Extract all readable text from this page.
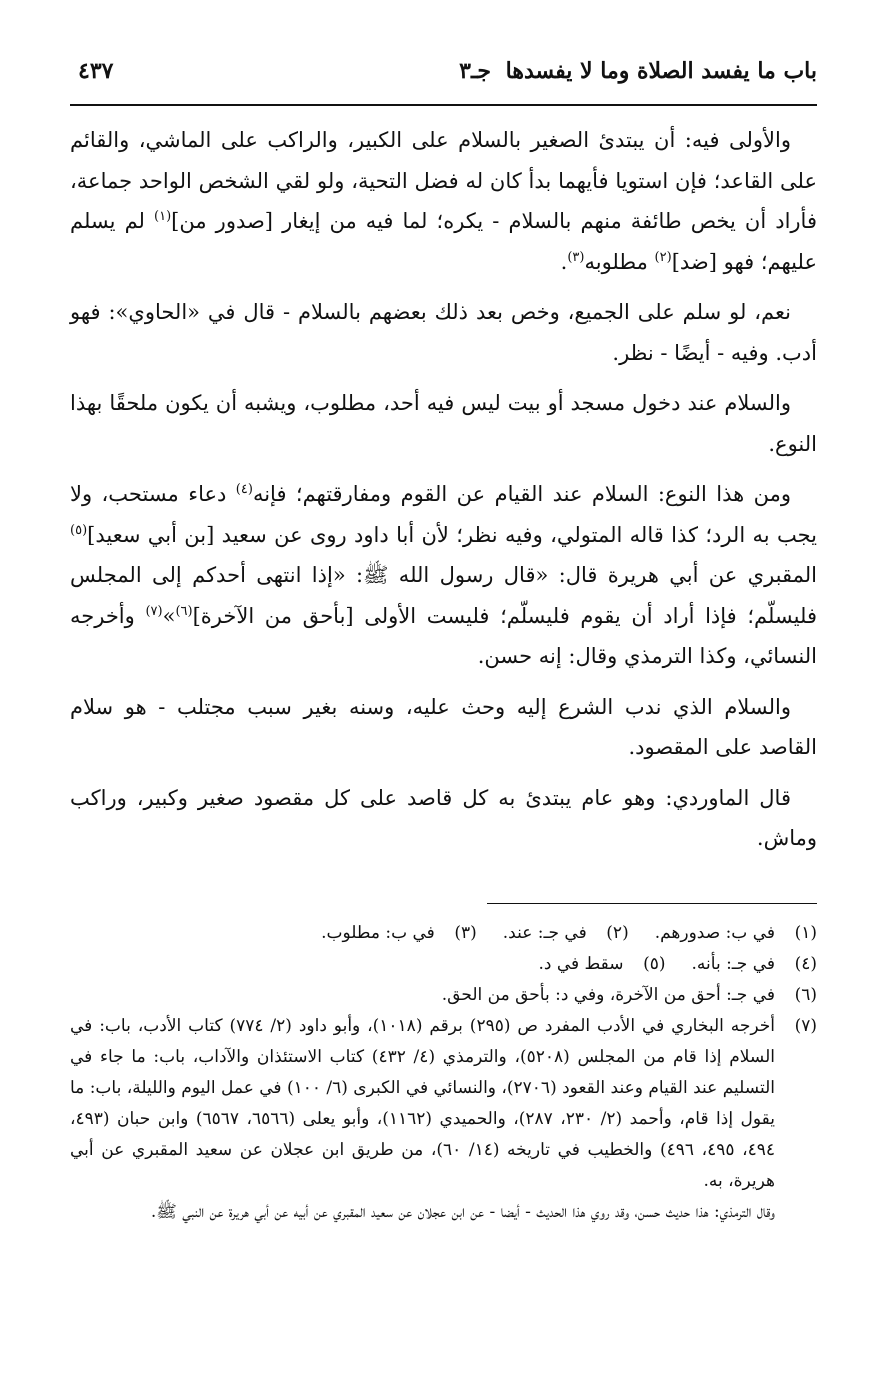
باب ما يفسد الصلاة وما لا يفسدها
جـ٣
٤٣٧

والأولى فيه: أن يبتدئ الصغير بالسلام على الكبير، والراكب على الماشي، والقائم على القاعد؛ فإن استويا فأيهما بدأ كان له فضل التحية، ولو لقي الشخص الواحد جماعة، فأراد أن يخص طائفة منهم بالسلام - يكره؛ لما فيه من إيغار [صدور من]$^{(١)}$ لم يسلم عليهم؛ فهو [ضد]$^{(٢)}$ مطلوبه$^{(٣)}$.

نعم، لو سلم على الجميع، وخص بعد ذلك بعضهم بالسلام - قال في «الحاوي»: فهو أدب. وفيه - أيضًا - نظر.

والسلام عند دخول مسجد أو بيت ليس فيه أحد، مطلوب، ويشبه أن يكون ملحقًا بهذا النوع.

ومن هذا النوع: السلام عند القيام عن القوم ومفارقتهم؛ فإنه$^{(٤)}$ دعاء مستحب، ولا يجب به الرد؛ كذا قاله المتولي، وفيه نظر؛ لأن أبا داود روى عن سعيد [بن أبي سعيد]$^{(٥)}$ المقبري عن أبي هريرة قال: «قال رسول الله ﷺ: «إذا انتهى أحدكم إلى المجلس فليسلّم؛ فإذا أراد أن يقوم فليسلّم؛ فليست الأولى [بأحق من الآخرة]$^{(٦)}$»$^{(٧)}$ وأخرجه النسائي، وكذا الترمذي وقال: إنه حسن.

والسلام الذي ندب الشرع إليه وحث عليه، وسنه بغير سبب مجتلب - هو سلام القاصد على المقصود.

قال الماوردي: وهو عام يبتدئ به كل قاصد على كل مقصود صغير وكبير، وراكب وماش.

(١)
في ب: صدورهم.
(٢)
في جـ: عند.
(٣)
في ب: مطلوب.
(٤)
في جـ: بأنه.
(٥)
سقط في د.
(٦)
في جـ: أحق من الآخرة، وفي د: بأحق من الحق.
(٧)
أخرجه البخاري في الأدب المفرد ص (٢٩٥) برقم (١٠١٨)، وأبو داود (٢/ ٧٧٤) كتاب الأدب، باب: في السلام إذا قام من المجلس (٥٢٠٨)، والترمذي (٤/ ٤٣٢) كتاب الاستئذان والآداب، باب: ما جاء في التسليم عند القيام وعند القعود (٢٧٠٦)، والنسائي في الكبرى (٦/ ١٠٠) في عمل اليوم والليلة، باب: ما يقول إذا قام، وأحمد (٢/ ٢٣٠، ٢٨٧)، والحميدي (١١٦٢)، وأبو يعلى (٦٥٦٦، ٦٥٦٧) وابن حبان (٤٩٣، ٤٩٤، ٤٩٥، ٤٩٦) والخطيب في تاريخه (١٤/ ٦٠)، من طريق ابن عجلان عن سعيد المقبري عن أبي هريرة، به.
وقال الترمذي: هذا حديث حسن، وقد روي هذا الحديث - أيضا - عن ابن عجلان عن سعيد المقبري عن أبيه عن أبي هريرة عن النبي ﷺ.
